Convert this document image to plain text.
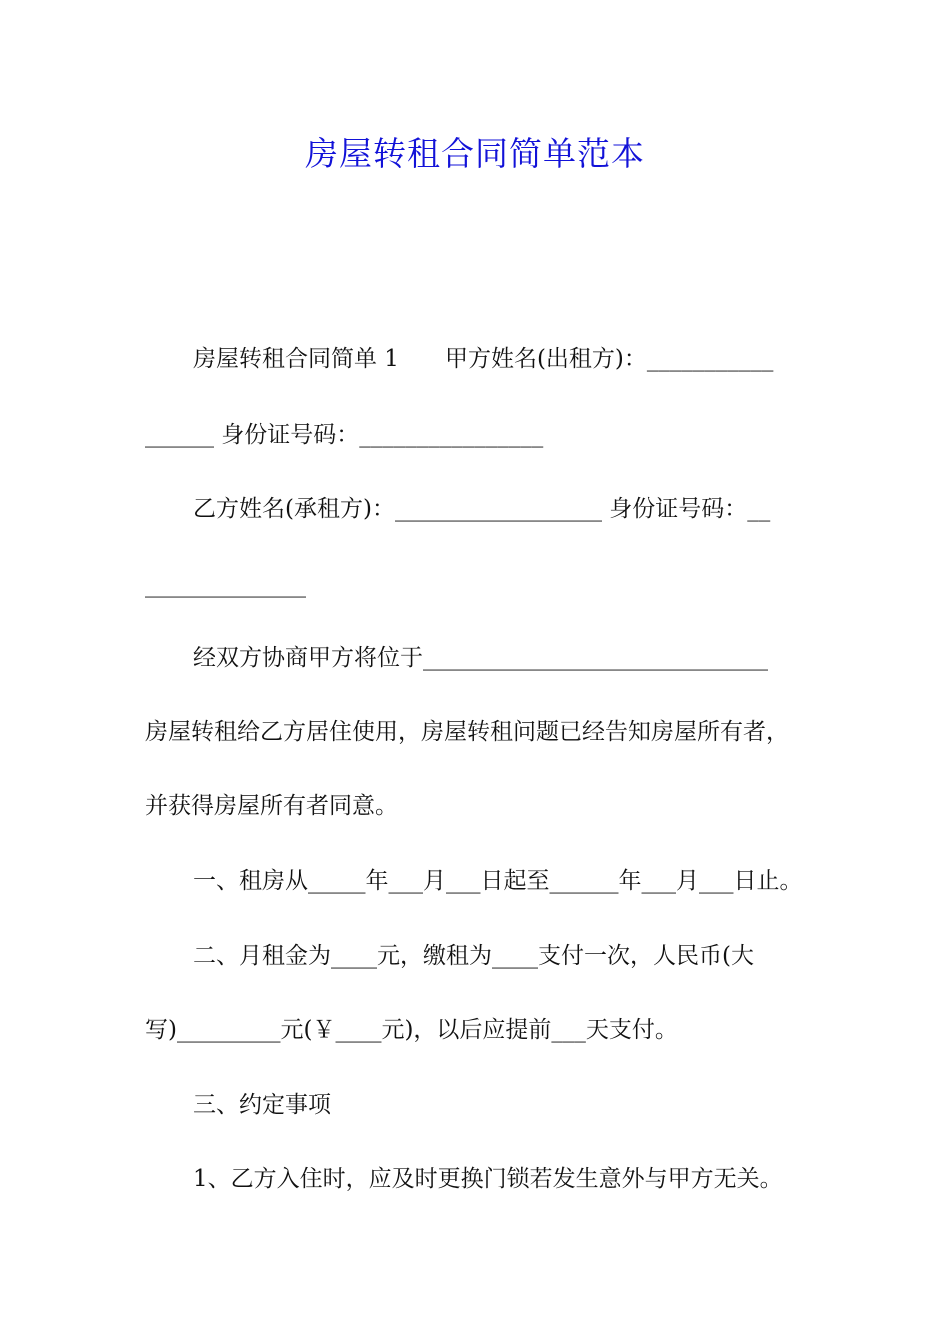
房屋转租合同简单范本
房屋转租合同简单 1　　甲方姓名(出租方)：___________
______ 身份证号码：________________
乙方姓名(承租方)：__________________ 身份证号码：__
______________
经双方协商甲方将位于______________________________
房屋转租给乙方居住使用，房屋转租问题已经告知房屋所有者，
并获得房屋所有者同意。
一、租房从_____年___月___日起至______年___月___日止。
二、月租金为____元，缴租为____支付一次，人民币(大
写)_________元(￥____元)，以后应提前___天支付。
三、约定事项
1、乙方入住时，应及时更换门锁若发生意外与甲方无关。
